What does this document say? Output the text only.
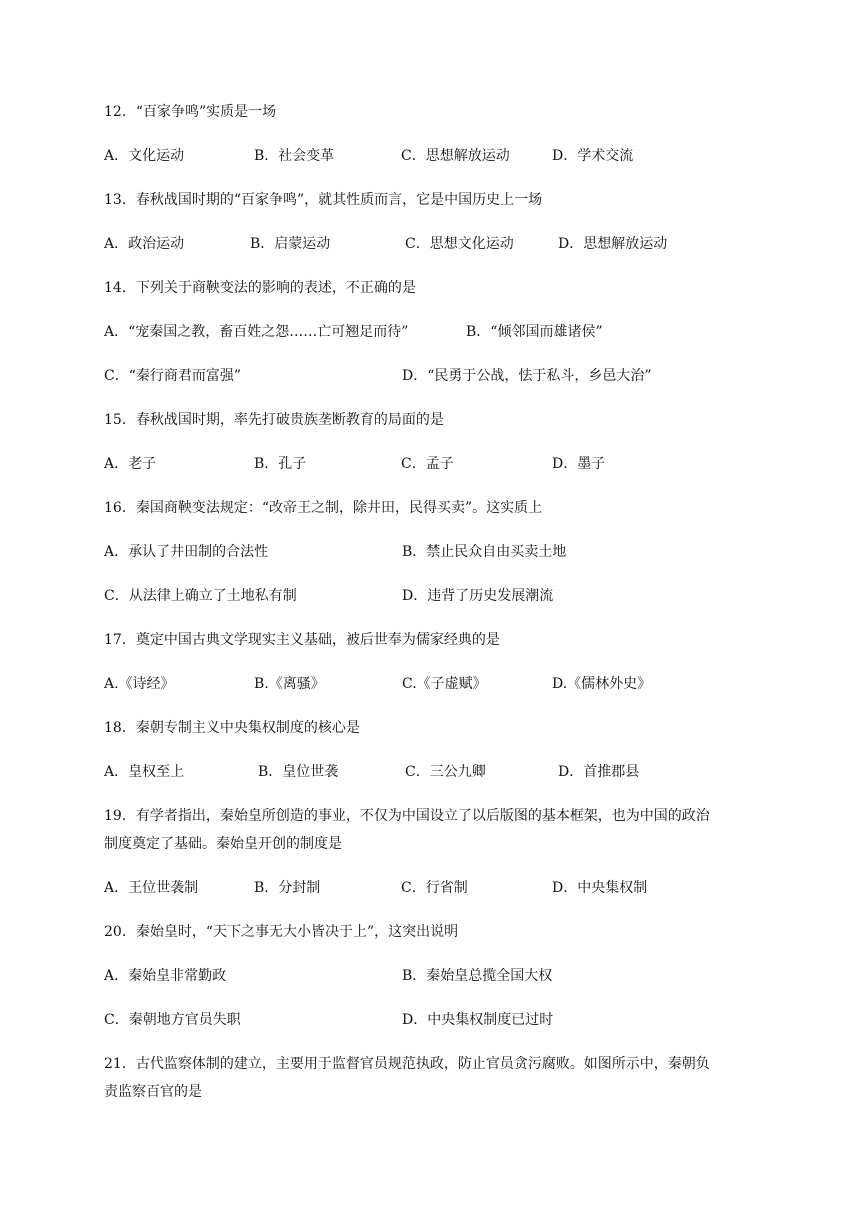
12．“百家争鸣”实质是一场
A．文化运动	B．社会变革	C．思想解放运动	D．学术交流
13．春秋战国时期的“百家争鸣”，就其性质而言，它是中国历史上一场
A．政治运动	B．启蒙运动	C．思想文化运动	D．思想解放运动
14．下列关于商鞅变法的影响的表述，不正确的是
A．“宠秦国之教，畜百姓之怨……亡可翘足而待”	B．“倾邻国而雄诸侯”
C．“秦行商君而富强”	D．“民勇于公战，怯于私斗，乡邑大治”
15．春秋战国时期，率先打破贵族垄断教育的局面的是
A．老子	B．孔子	C．孟子	D．墨子
16．秦国商鞅变法规定：“改帝王之制，除井田，民得买卖”。这实质上
A．承认了井田制的合法性	B．禁止民众自由买卖土地
C．从法律上确立了土地私有制	D．违背了历史发展潮流
17．奠定中国古典文学现实主义基础，被后世奉为儒家经典的是
A.《诗经》	B.《离骚》	C.《子虚赋》	D.《儒林外史》
18．秦朝专制主义中央集权制度的核心是
A．皇权至上	B．皇位世袭	C．三公九卿	D．首推郡县
19．有学者指出，秦始皇所创造的事业，不仅为中国设立了以后版图的基本框架，也为中国的政治
制度奠定了基础。秦始皇开创的制度是
A．王位世袭制	B．分封制	C．行省制	D．中央集权制
20．秦始皇时，“天下之事无大小皆决于上”，这突出说明
A．秦始皇非常勤政	B．秦始皇总揽全国大权
C．秦朝地方官员失职	D．中央集权制度已过时
21．古代监察体制的建立，主要用于监督官员规范执政，防止官员贪污腐败。如图所示中，秦朝负
责监察百官的是
